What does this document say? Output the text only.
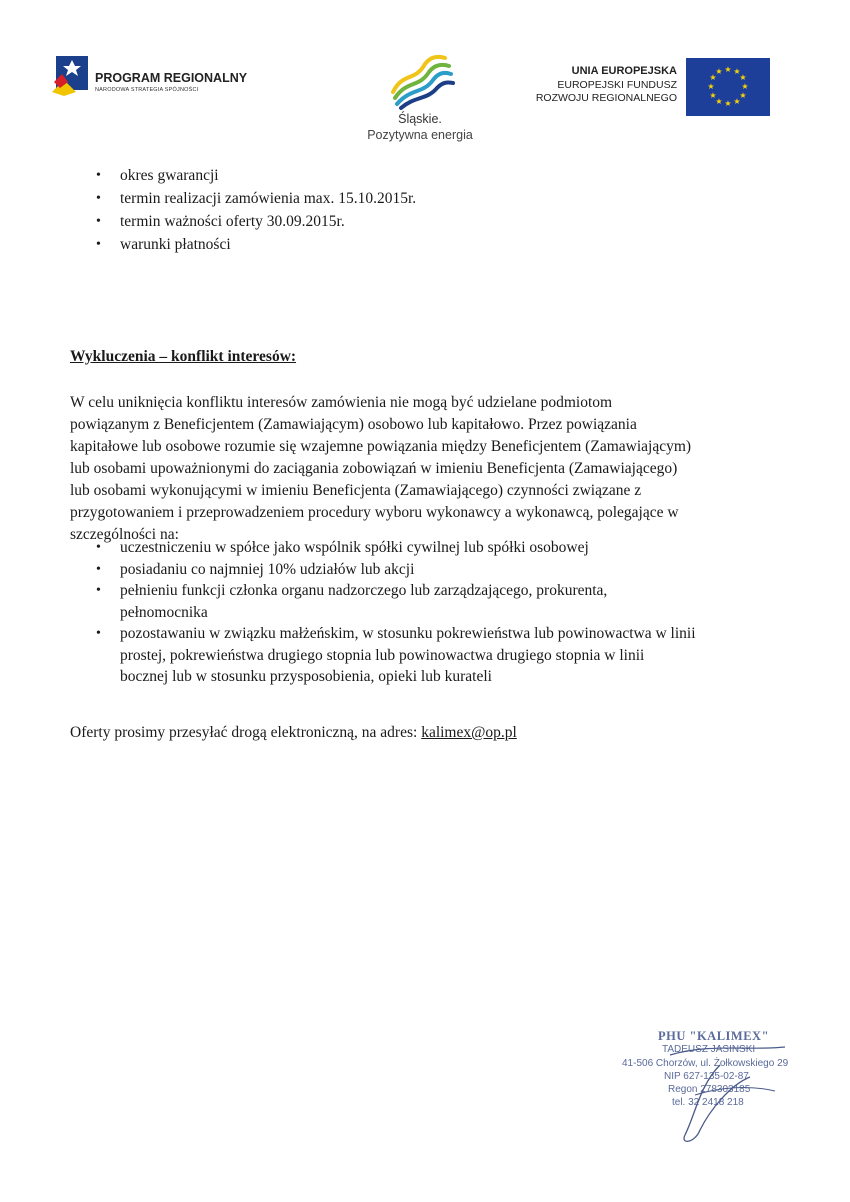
PROGRAM REGIONALNY
NARODOWA STRATEGIA SPÓJNOŚCI
Śląskie.
Pozytywna energia
UNIA EUROPEJSKA
EUROPEJSKI FUNDUSZ
ROZWOJU REGIONALNEGO
★ ★
★
★
★
★
★
★
★
★
★
★
• okres gwarancji
• termin realizacji zamówienia max. 15.10.2015r.
• termin ważności oferty 30.09.2015r.
• warunki płatności
Wykluczenia – konflikt interesów:
W celu uniknięcia konfliktu interesów zamówienia nie mogą być udzielane podmiotom
powiązanym z Beneficjentem (Zamawiającym) osobowo lub kapitałowo. Przez powiązania
kapitałowe lub osobowe rozumie się wzajemne powiązania między Beneficjentem (Zamawiającym)
lub osobami upoważnionymi do zaciągania zobowiązań w imieniu Beneficjenta (Zamawiającego)
lub osobami wykonującymi w imieniu Beneficjenta (Zamawiającego) czynności związane z
przygotowaniem i przeprowadzeniem procedury wyboru wykonawcy a wykonawcą, polegające w
szczególności na:
• uczestniczeniu w spółce jako wspólnik spółki cywilnej lub spółki osobowej
• posiadaniu co najmniej 10% udziałów lub akcji
• pełnieniu funkcji członka organu nadzorczego lub zarządzającego, prokurenta,
pełnomocnika
• pozostawaniu w związku małżeńskim, w stosunku pokrewieństwa lub powinowactwa w linii
prostej, pokrewieństwa drugiego stopnia lub powinowactwa drugiego stopnia w linii
bocznej lub w stosunku przysposobienia, opieki lub kurateli
Oferty prosimy przesyłać drogą elektroniczną, na adres: kalimex@op.pl
PHU "KALIMEX"
TADEUSZ JASINSKI
41-506 Chorzów, ul. Żołkowskiego 29
NIP 627-135-02-87
Regon 278303185
tel. 32 2418 218
